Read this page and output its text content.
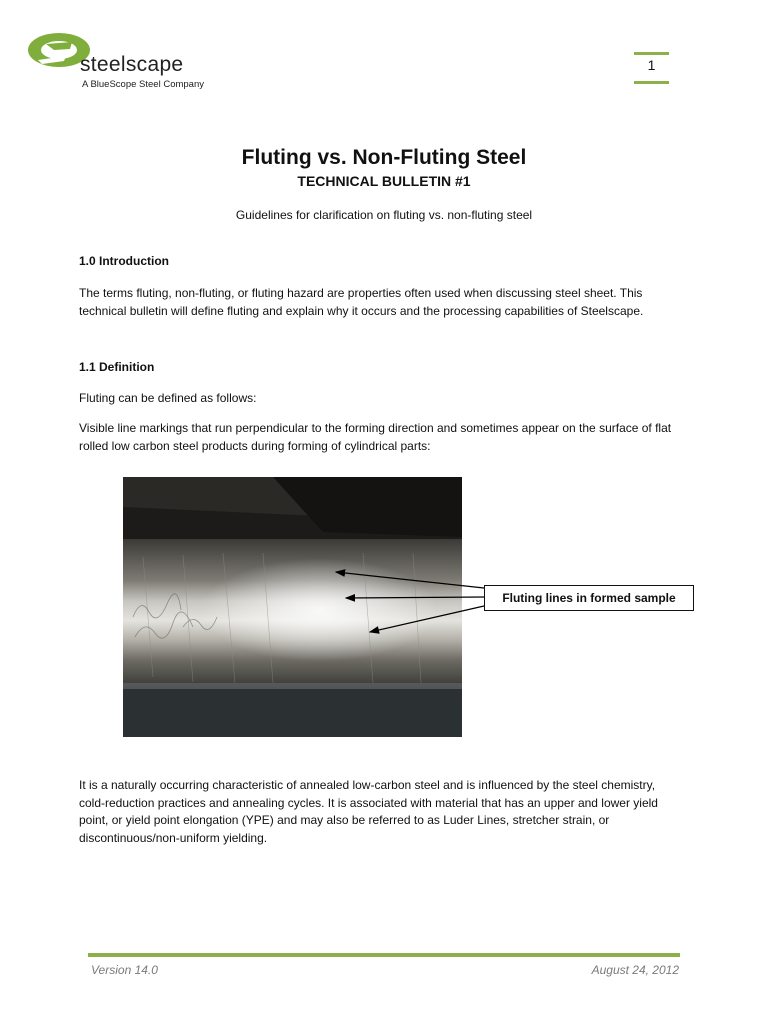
steelscape
A BlueScope Steel Company
1
Fluting vs. Non-Fluting Steel
TECHNICAL BULLETIN #1
Guidelines for clarification on fluting vs. non-fluting steel
1.0 Introduction
The terms fluting, non-fluting, or fluting hazard are properties often used when discussing steel sheet. This technical bulletin will define fluting and explain why it occurs and the processing capabilities of Steelscape.
1.1 Definition
Fluting can be defined as follows:
Visible line markings that run perpendicular to the forming direction and sometimes appear on the surface of flat rolled low carbon steel products during forming of cylindrical parts:
Fluting lines in formed sample
It is a naturally occurring characteristic of annealed low-carbon steel and is influenced by the steel chemistry, cold-reduction practices and annealing cycles. It is associated with material that has an upper and lower yield point, or yield point elongation (YPE) and may also be referred to as Luder Lines, stretcher strain, or discontinuous/non-uniform yielding.
Version 14.0	August 24, 2012
